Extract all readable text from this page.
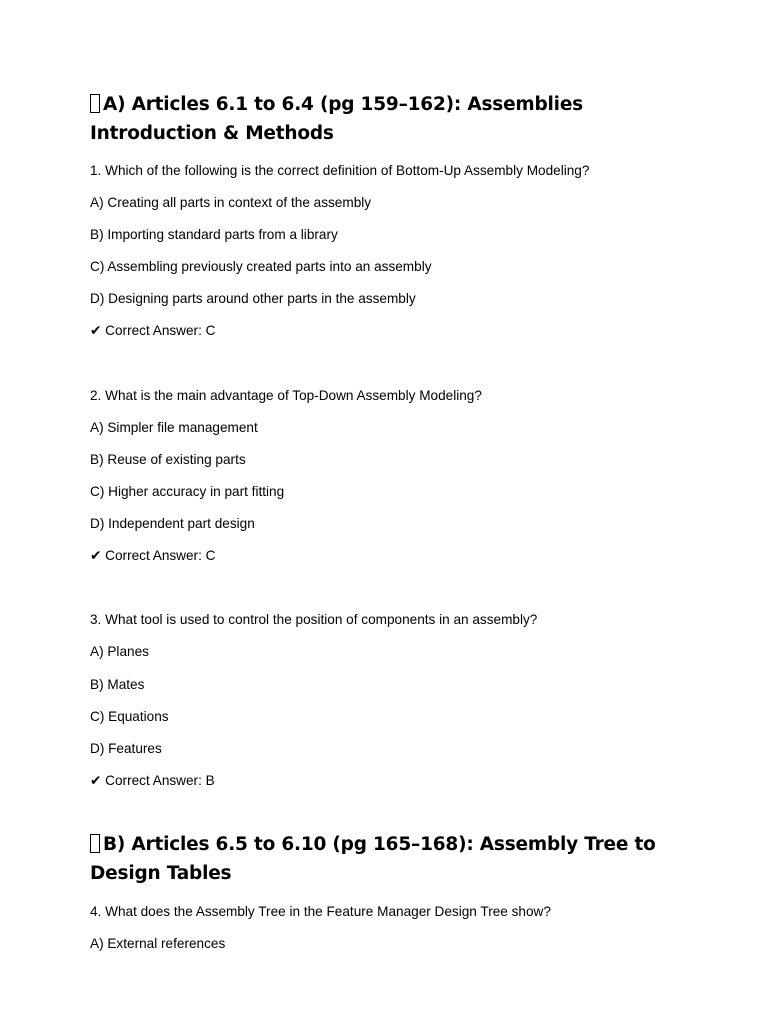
A) Articles 6.1 to 6.4 (pg 159–162): Assemblies Introduction & Methods
1. Which of the following is the correct definition of Bottom-Up Assembly Modeling?
A) Creating all parts in context of the assembly
B) Importing standard parts from a library
C) Assembling previously created parts into an assembly
D) Designing parts around other parts in the assembly
✔ Correct Answer: C
2. What is the main advantage of Top-Down Assembly Modeling?
A) Simpler file management
B) Reuse of existing parts
C) Higher accuracy in part fitting
D) Independent part design
✔ Correct Answer: C
3. What tool is used to control the position of components in an assembly?
A) Planes
B) Mates
C) Equations
D) Features
✔ Correct Answer: B
B) Articles 6.5 to 6.10 (pg 165–168): Assembly Tree to Design Tables
4. What does the Assembly Tree in the Feature Manager Design Tree show?
A) External references
